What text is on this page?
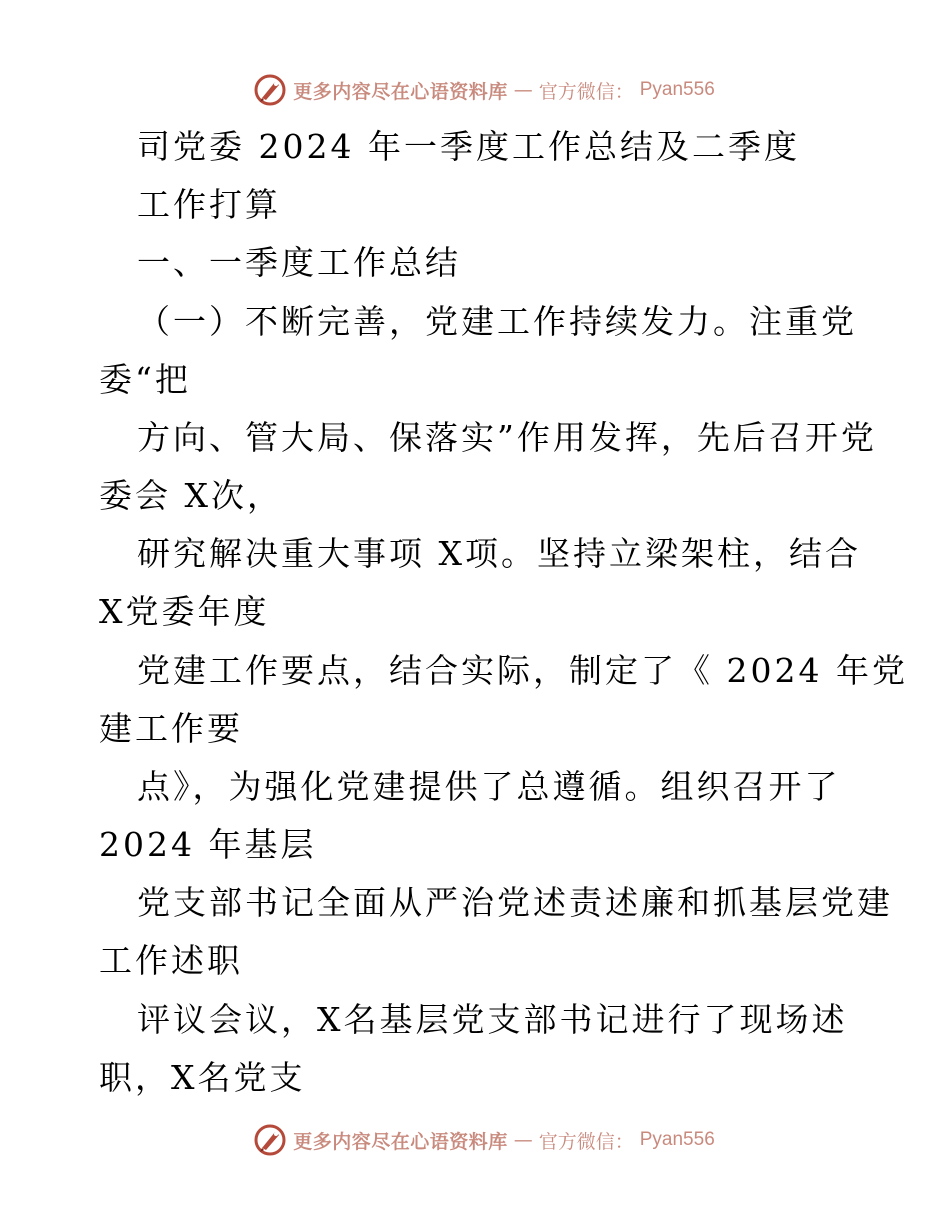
更多内容尽在心语资料库 — 官方微信： Pyan556
司党委 2024 年一季度工作总结及二季度
工作打算
一、一季度工作总结
（一）不断完善，党建工作持续发力。注重党
委“把
方向、管大局、保落实”作用发挥，先后召开党
委会 X次，
研究解决重大事项 X项。坚持立梁架柱，结合
X党委年度
党建工作要点，结合实际，制定了《 2024 年党
建工作要
点》，为强化党建提供了总遵循。组织召开了
2024 年基层
党支部书记全面从严治党述责述廉和抓基层党建
工作述职
评议会议，X名基层党支部书记进行了现场述
职，X名党支
更多内容尽在心语资料库 — 官方微信： Pyan556
